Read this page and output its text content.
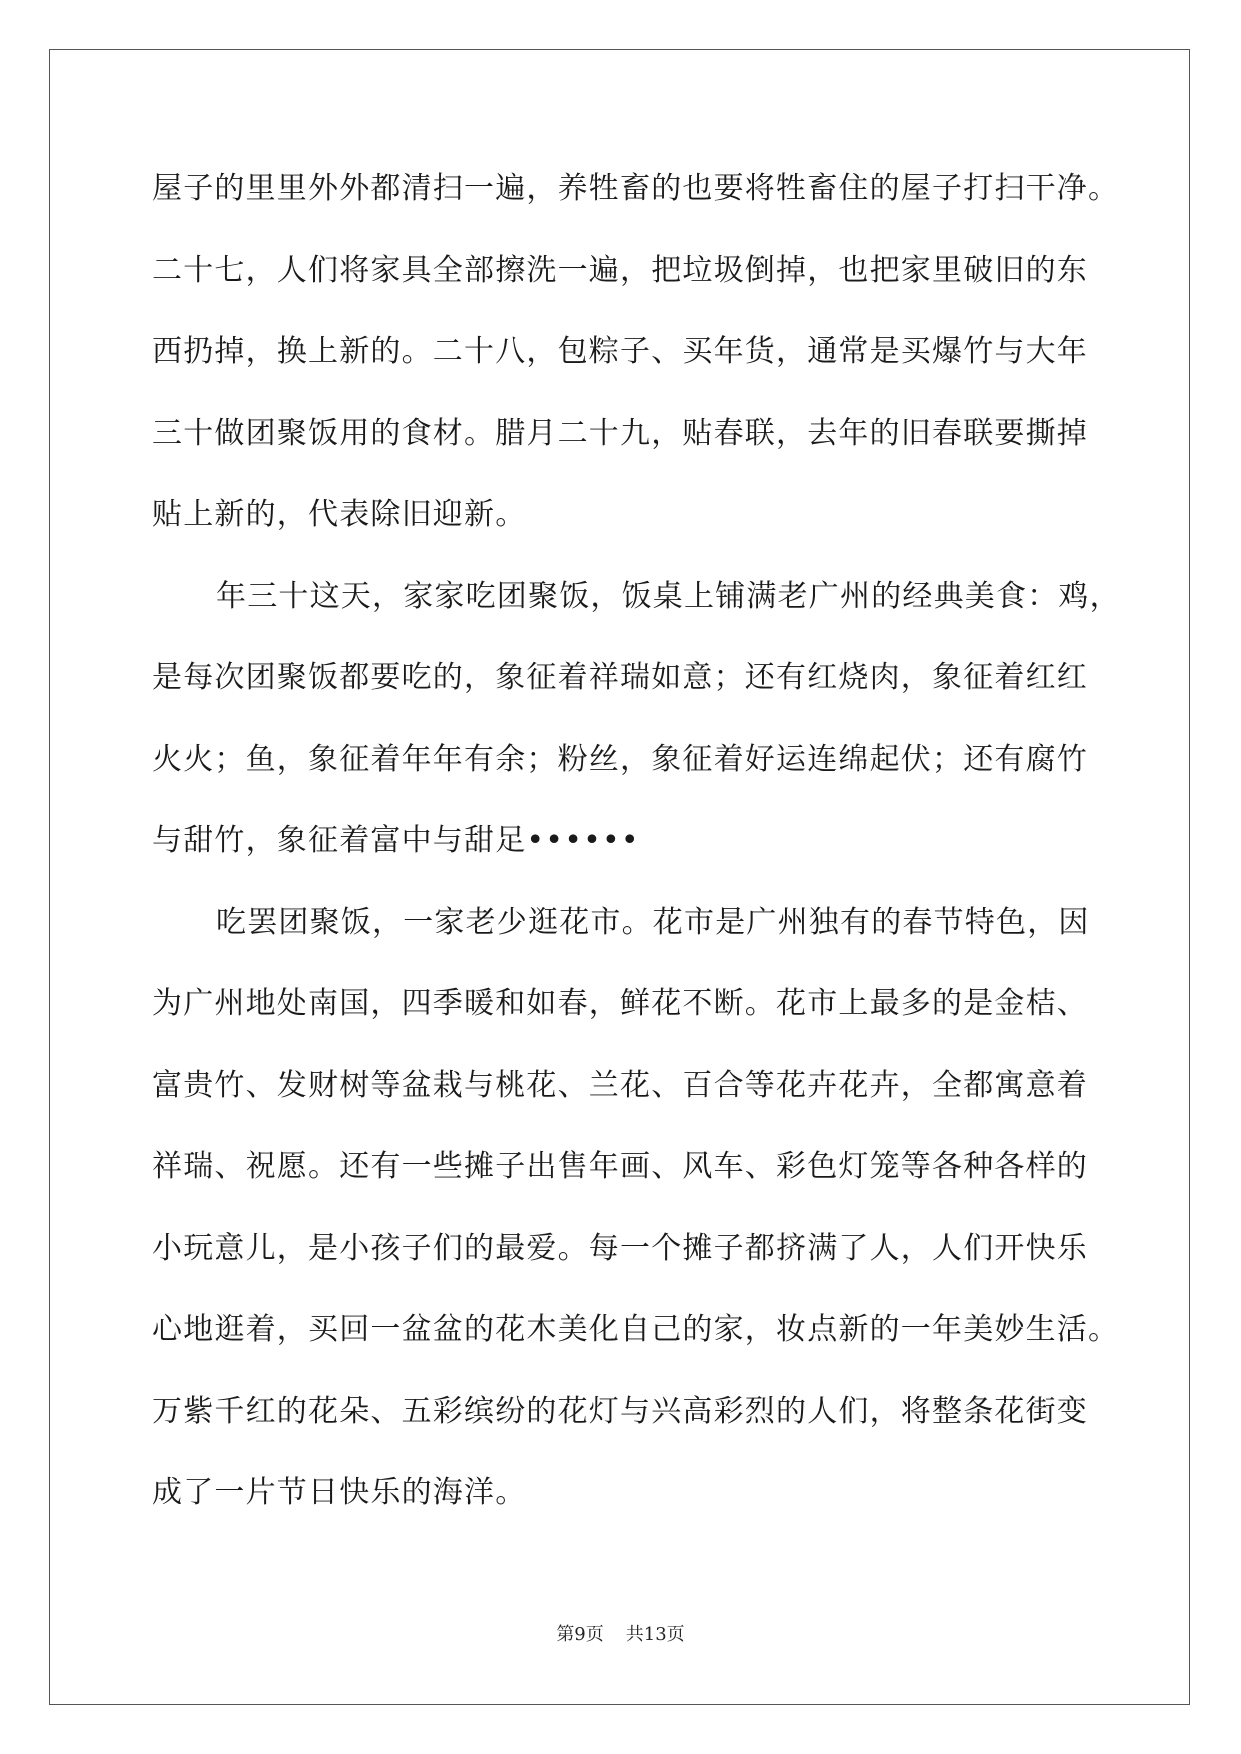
屋子的里里外外都清扫一遍，养牲畜的也要将牲畜住的屋子打扫干净。
二十七，人们将家具全部擦洗一遍，把垃圾倒掉，也把家里破旧的东
西扔掉，换上新的。二十八，包粽子、买年货，通常是买爆竹与大年
三十做团聚饭用的食材。腊月二十九，贴春联，去年的旧春联要撕掉
贴上新的，代表除旧迎新。

年三十这天，家家吃团聚饭，饭桌上铺满老广州的经典美食：鸡，
是每次团聚饭都要吃的，象征着祥瑞如意；还有红烧肉，象征着红红
火火；鱼，象征着年年有余；粉丝，象征着好运连绵起伏；还有腐竹
与甜竹，象征着富中与甜足••••••

吃罢团聚饭，一家老少逛花市。花市是广州独有的春节特色，因
为广州地处南国，四季暖和如春，鲜花不断。花市上最多的是金桔、
富贵竹、发财树等盆栽与桃花、兰花、百合等花卉花卉，全都寓意着
祥瑞、祝愿。还有一些摊子出售年画、风车、彩色灯笼等各种各样的
小玩意儿，是小孩子们的最爱。每一个摊子都挤满了人，人们开快乐
心地逛着，买回一盆盆的花木美化自己的家，妆点新的一年美妙生活。
万紫千红的花朵、五彩缤纷的花灯与兴高彩烈的人们，将整条花街变
成了一片节日快乐的海洋。

第9页 共13页
